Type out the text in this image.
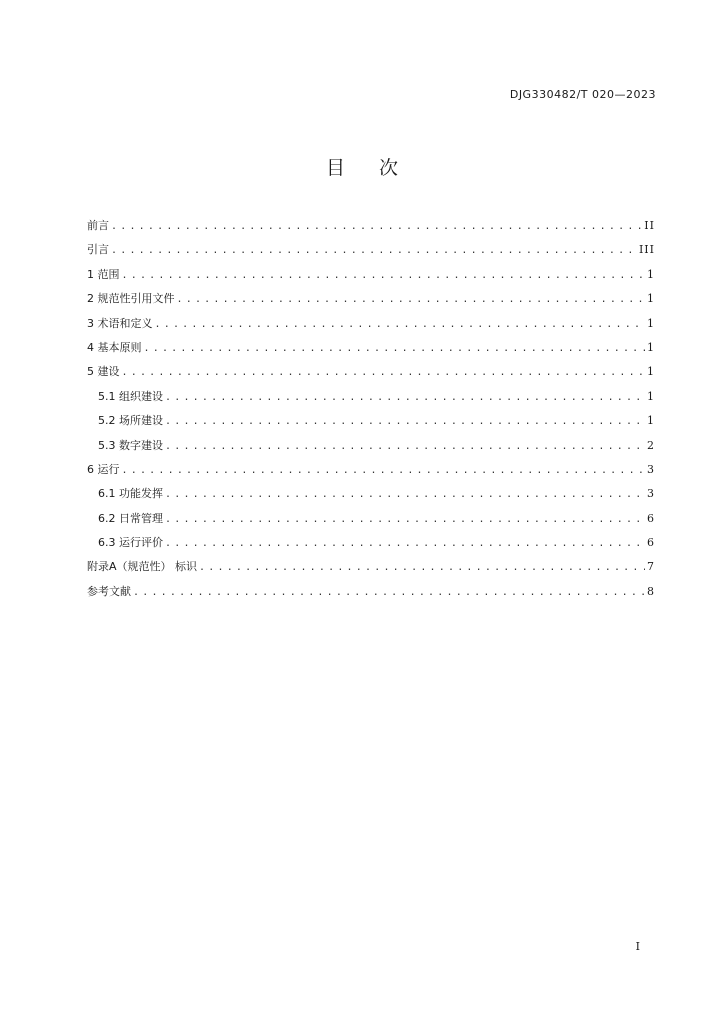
DJG330482/T 020—2023
目次
前言 .....	II
引言 .....	III
1 范围 .....	1
2 规范性引用文件 .....	1
3 术语和定义 .....	1
4 基本原则 .....	1
5 建设 .....	1
5.1 组织建设 .....	1
5.2 场所建设 .....	1
5.3 数字建设 .....	2
6 运行 .....	3
6.1 功能发挥 .....	3
6.2 日常管理 .....	6
6.3 运行评价 .....	6
附录A（规范性） 标识 .....	7
参考文献 .....	8
I
